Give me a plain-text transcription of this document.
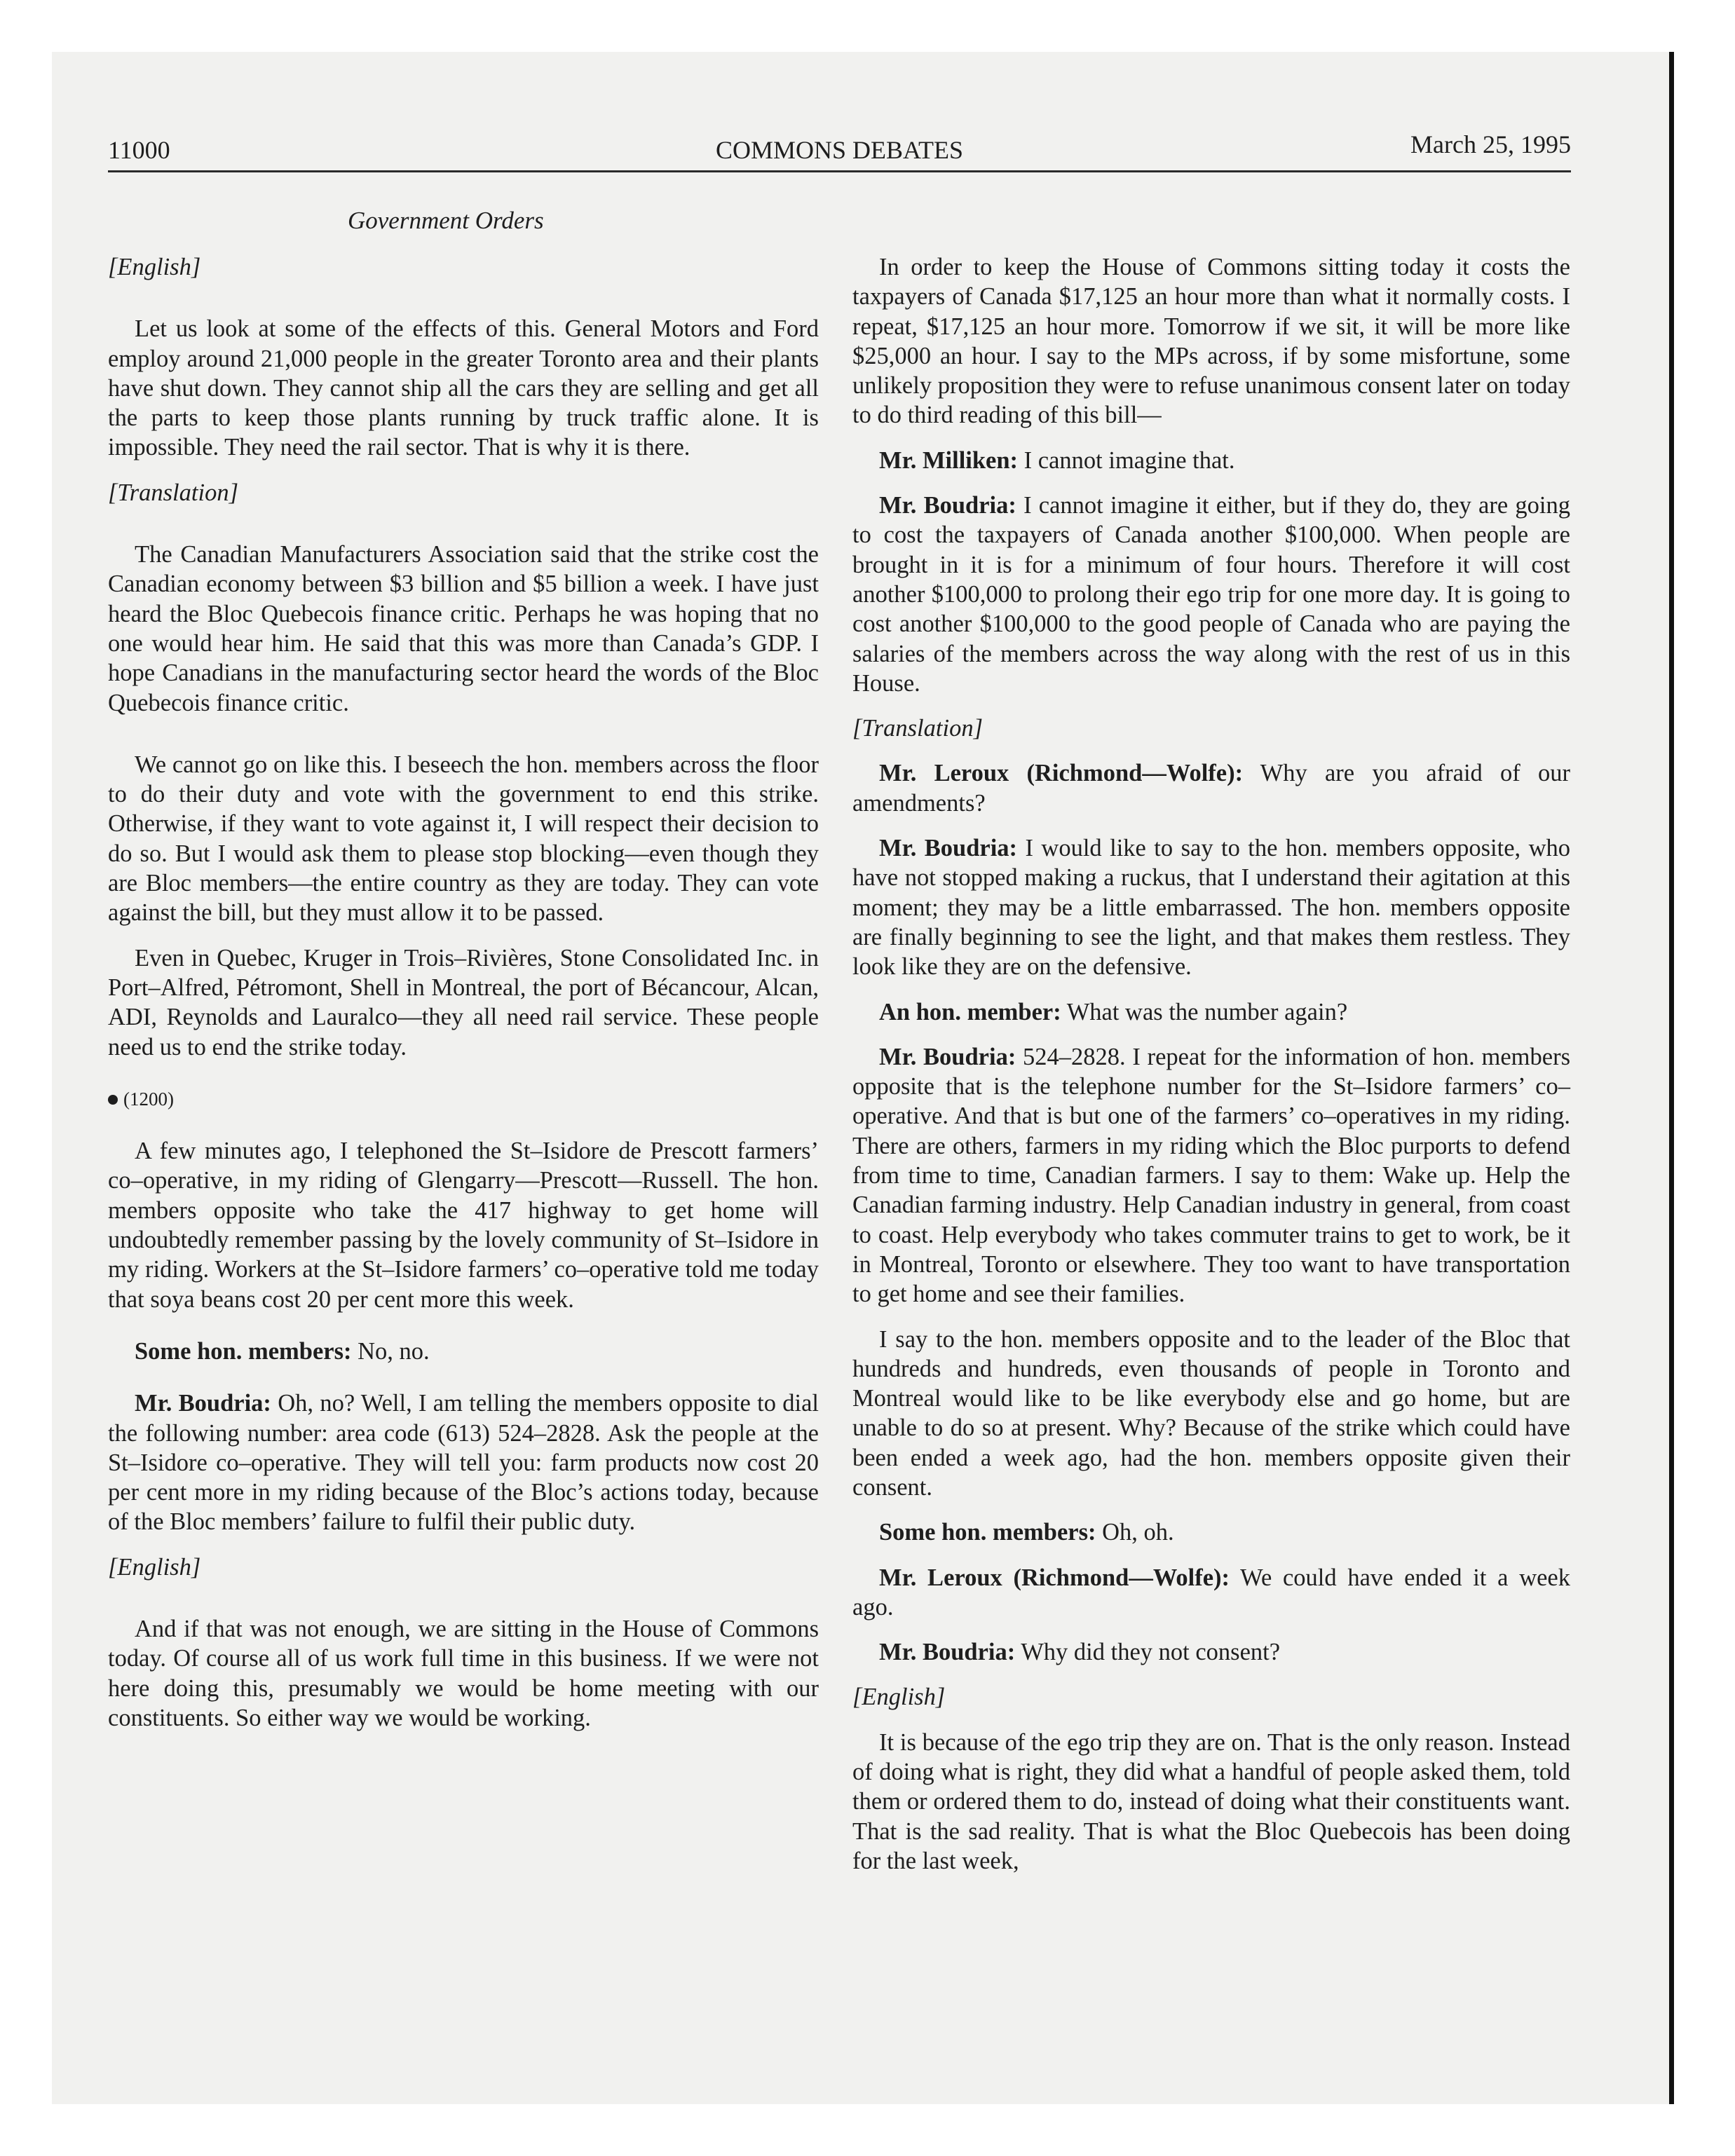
11000	COMMONS DEBATES	March 25, 1995
Government Orders

[English]

Let us look at some of the effects of this. General Motors and Ford employ around 21,000 people in the greater Toronto area and their plants have shut down. They cannot ship all the cars they are selling and get all the parts to keep those plants running by truck traffic alone. It is impossible. They need the rail sector. That is why it is there.

[Translation]

The Canadian Manufacturers Association said that the strike cost the Canadian economy between $3 billion and $5 billion a week. I have just heard the Bloc Quebecois finance critic. Perhaps he was hoping that no one would hear him. He said that this was more than Canada’s GDP. I hope Canadians in the manufacturing sector heard the words of the Bloc Quebecois finance critic.

We cannot go on like this. I beseech the hon. members across the floor to do their duty and vote with the government to end this strike. Otherwise, if they want to vote against it, I will respect their decision to do so. But I would ask them to please stop blocking—even though they are Bloc members—the entire country as they are today. They can vote against the bill, but they must allow it to be passed.

Even in Quebec, Kruger in Trois–Rivières, Stone Consolidated Inc. in Port–Alfred, Pétromont, Shell in Montreal, the port of Bécancour, Alcan, ADI, Reynolds and Lauralco—they all need rail service. These people need us to end the strike today.

(1200)

A few minutes ago, I telephoned the St–Isidore de Prescott farmers’ co–operative, in my riding of Glengarry—Prescott—Russell. The hon. members opposite who take the 417 highway to get home will undoubtedly remember passing by the lovely community of St–Isidore in my riding. Workers at the St–Isidore farmers’ co–operative told me today that soya beans cost 20 per cent more this week.

Some hon. members: No, no.

Mr. Boudria: Oh, no? Well, I am telling the members opposite to dial the following number: area code (613) 524–2828. Ask the people at the St–Isidore co–operative. They will tell you: farm products now cost 20 per cent more in my riding because of the Bloc’s actions today, because of the Bloc members’ failure to fulfil their public duty.

[English]

And if that was not enough, we are sitting in the House of Commons today. Of course all of us work full time in this business. If we were not here doing this, presumably we would be home meeting with our constituents. So either way we would be working.

In order to keep the House of Commons sitting today it costs the taxpayers of Canada $17,125 an hour more than what it normally costs. I repeat, $17,125 an hour more. Tomorrow if we sit, it will be more like $25,000 an hour. I say to the MPs across, if by some misfortune, some unlikely proposition they were to refuse unanimous consent later on today to do third reading of this bill—

Mr. Milliken: I cannot imagine that.

Mr. Boudria: I cannot imagine it either, but if they do, they are going to cost the taxpayers of Canada another $100,000. When people are brought in it is for a minimum of four hours. Therefore it will cost another $100,000 to prolong their ego trip for one more day. It is going to cost another $100,000 to the good people of Canada who are paying the salaries of the members across the way along with the rest of us in this House.

[Translation]

Mr. Leroux (Richmond—Wolfe): Why are you afraid of our amendments?

Mr. Boudria: I would like to say to the hon. members opposite, who have not stopped making a ruckus, that I understand their agitation at this moment; they may be a little embarrassed. The hon. members opposite are finally beginning to see the light, and that makes them restless. They look like they are on the defensive.

An hon. member: What was the number again?

Mr. Boudria: 524–2828. I repeat for the information of hon. members opposite that is the telephone number for the St–Isidore farmers’ co–operative. And that is but one of the farmers’ co–operatives in my riding. There are others, farmers in my riding which the Bloc purports to defend from time to time, Canadian farmers. I say to them: Wake up. Help the Canadian farming industry. Help Canadian industry in general, from coast to coast. Help everybody who takes commuter trains to get to work, be it in Montreal, Toronto or elsewhere. They too want to have transportation to get home and see their families.

I say to the hon. members opposite and to the leader of the Bloc that hundreds and hundreds, even thousands of people in Toronto and Montreal would like to be like everybody else and go home, but are unable to do so at present. Why? Because of the strike which could have been ended a week ago, had the hon. members opposite given their consent.

Some hon. members: Oh, oh.

Mr. Leroux (Richmond—Wolfe): We could have ended it a week ago.

Mr. Boudria: Why did they not consent?

[English]

It is because of the ego trip they are on. That is the only reason. Instead of doing what is right, they did what a handful of people asked them, told them or ordered them to do, instead of doing what their constituents want. That is the sad reality. That is what the Bloc Quebecois has been doing for the last week,
